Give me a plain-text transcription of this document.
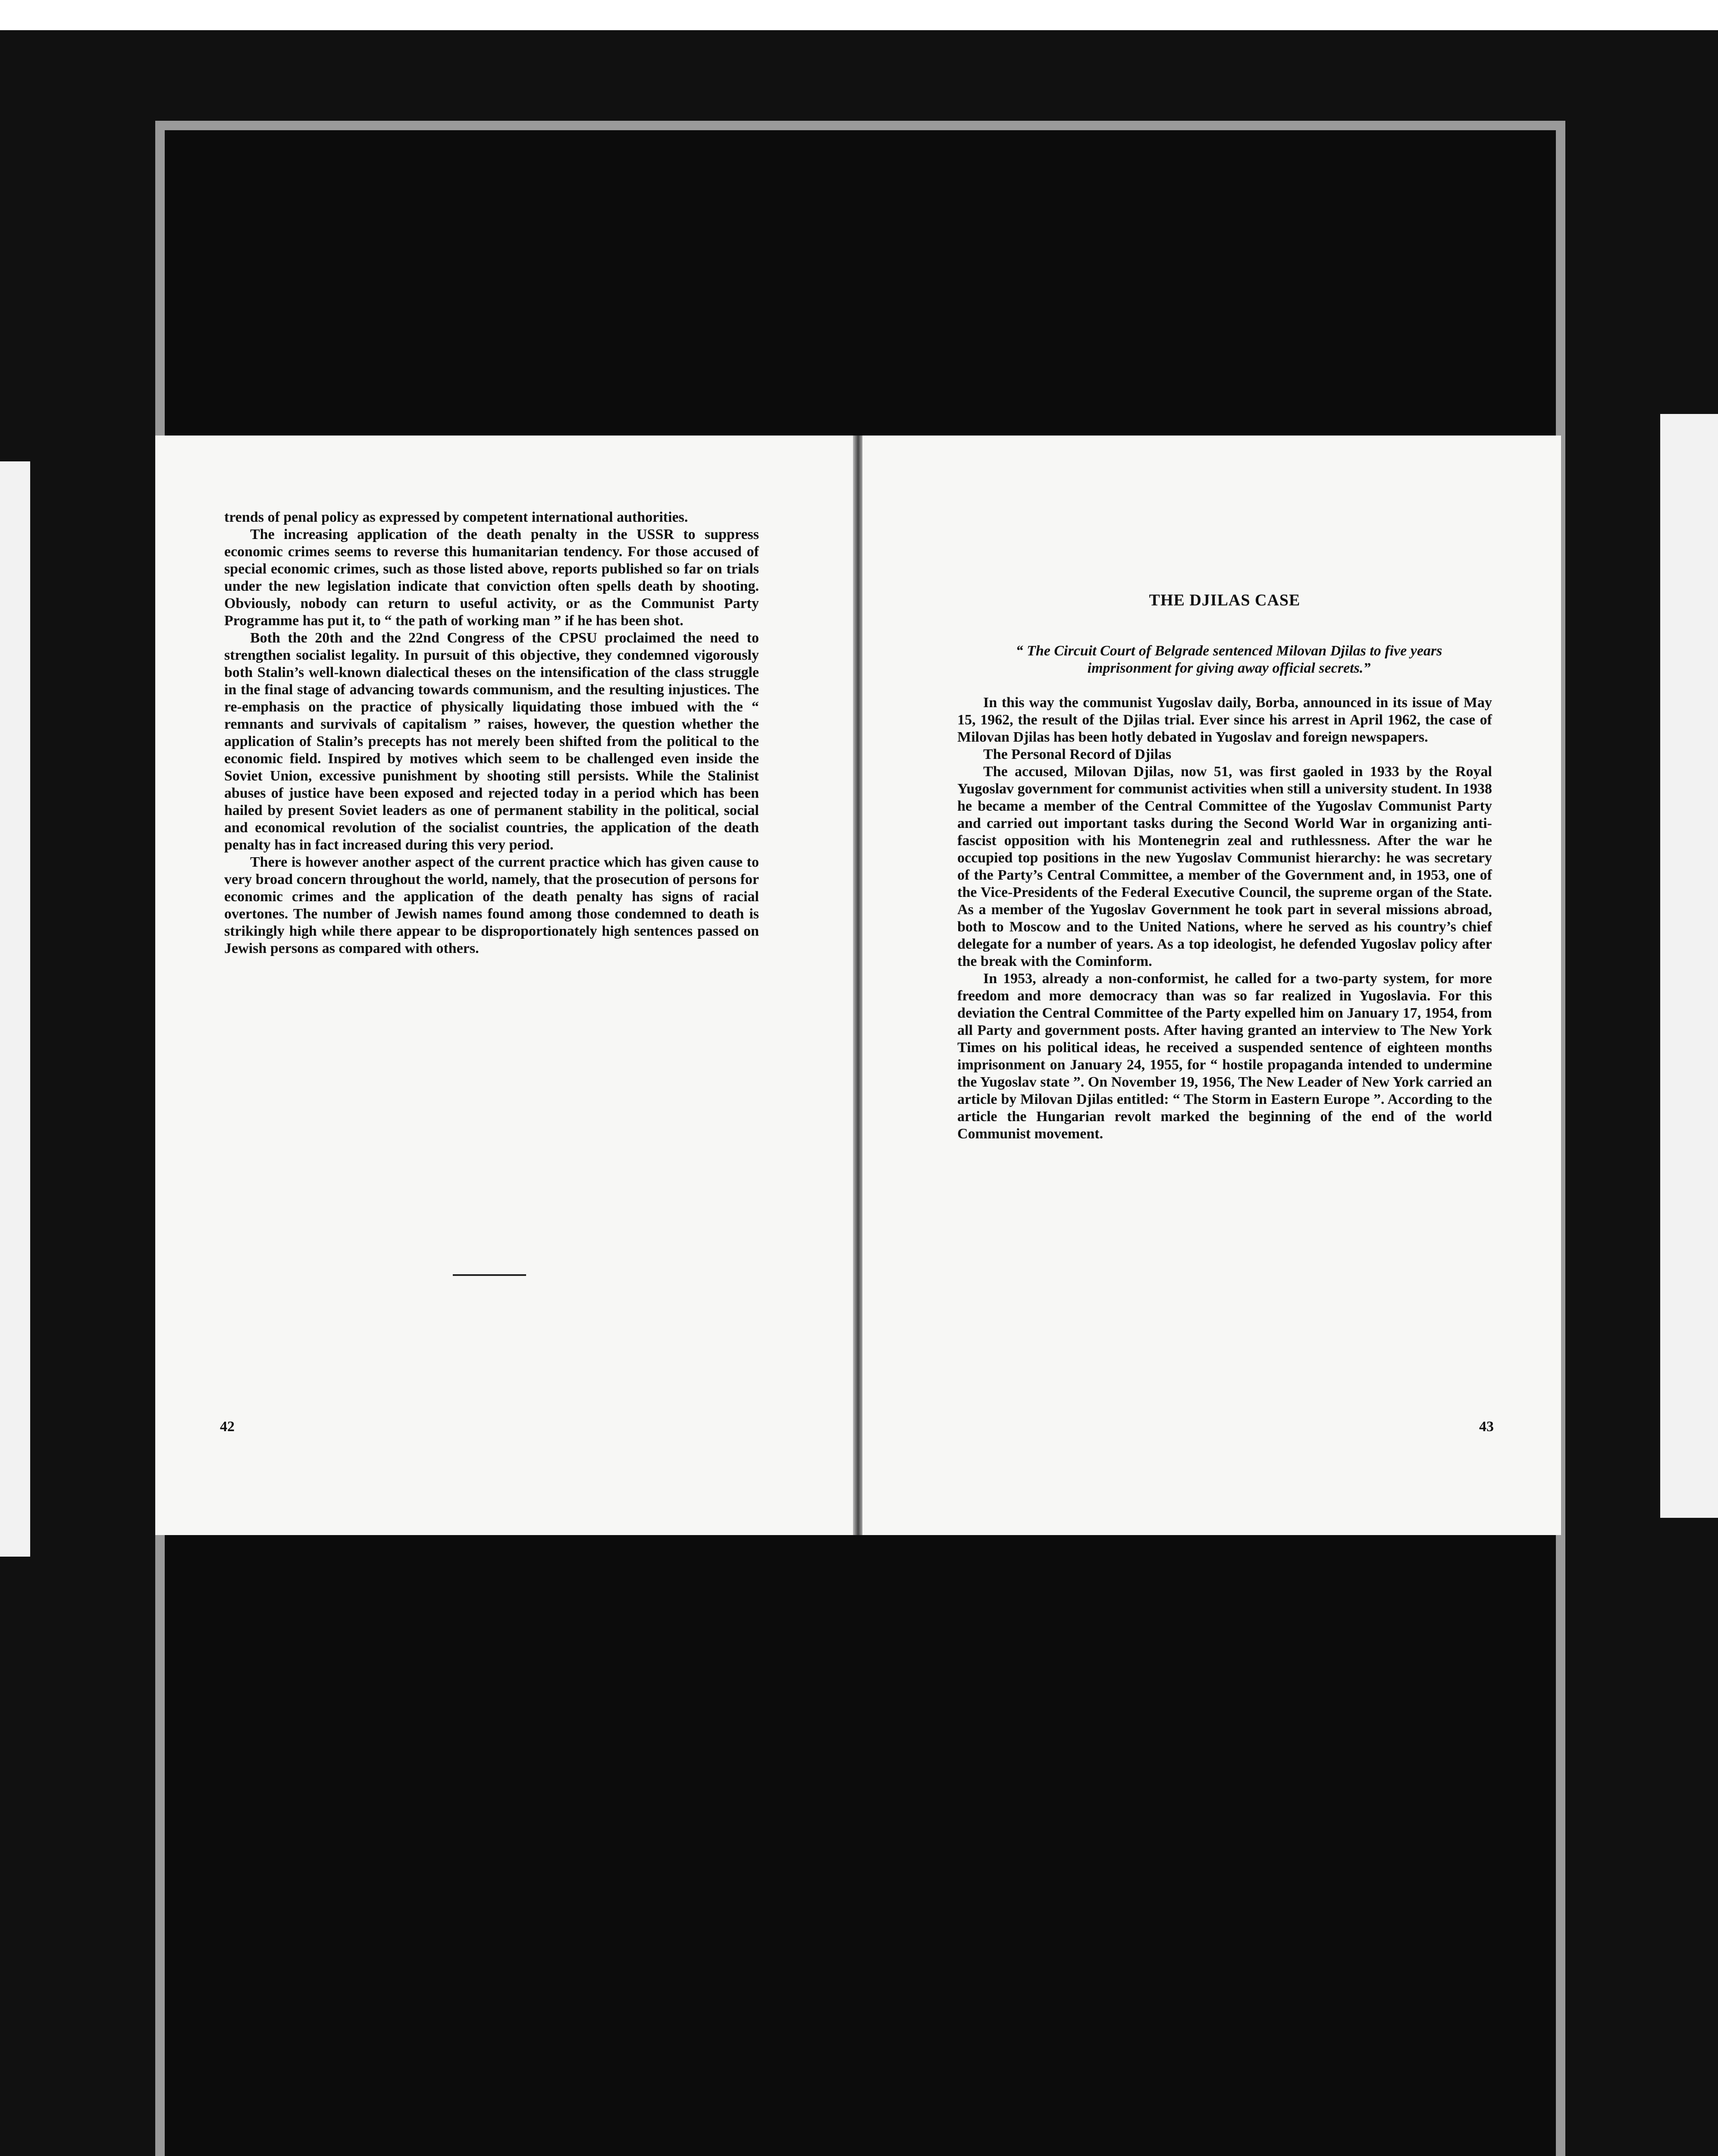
trends of penal policy as expressed by competent international authorities.

The increasing application of the death penalty in the USSR to suppress economic crimes seems to reverse this humanitarian tendency. For those accused of special economic crimes, such as those listed above, reports published so far on trials under the new legislation indicate that conviction often spells death by shooting. Obviously, nobody can return to useful activity, or as the Communist Party Programme has put it, to “ the path of working man ” if he has been shot.

Both the 20th and the 22nd Congress of the CPSU proclaimed the need to strengthen socialist legality. In pursuit of this objective, they condemned vigorously both Stalin’s well-known dialectical theses on the intensification of the class struggle in the final stage of advancing towards communism, and the resulting injustices. The re-emphasis on the practice of physically liquidating those imbued with the “ remnants and survivals of capitalism ” raises, however, the question whether the application of Stalin’s precepts has not merely been shifted from the political to the economic field. Inspired by motives which seem to be challenged even inside the Soviet Union, excessive punishment by shooting still persists. While the Stalinist abuses of justice have been exposed and rejected today in a period which has been hailed by present Soviet leaders as one of permanent stability in the political, social and economical revolution of the socialist countries, the application of the death penalty has in fact increased during this very period.

There is however another aspect of the current practice which has given cause to very broad concern throughout the world, namely, that the prosecution of persons for economic crimes and the application of the death penalty has signs of racial overtones. The number of Jewish names found among those condemned to death is strikingly high while there appear to be disproportionately high sentences passed on Jewish persons as compared with others.

42
THE DJILAS CASE
“ The Circuit Court of Belgrade sentenced Milovan Djilas to five years imprisonment for giving away official secrets.”

In this way the communist Yugoslav daily, Borba, announced in its issue of May 15, 1962, the result of the Djilas trial. Ever since his arrest in April 1962, the case of Milovan Djilas has been hotly debated in Yugoslav and foreign newspapers.

The Personal Record of Djilas

The accused, Milovan Djilas, now 51, was first gaoled in 1933 by the Royal Yugoslav government for communist activities when still a university student. In 1938 he became a member of the Central Committee of the Yugoslav Communist Party and carried out important tasks during the Second World War in organizing anti-fascist opposition with his Montenegrin zeal and ruthlessness. After the war he occupied top positions in the new Yugoslav Communist hierarchy: he was secretary of the Party’s Central Committee, a member of the Government and, in 1953, one of the Vice-Presidents of the Federal Executive Council, the supreme organ of the State. As a member of the Yugoslav Government he took part in several missions abroad, both to Moscow and to the United Nations, where he served as his country’s chief delegate for a number of years. As a top ideologist, he defended Yugoslav policy after the break with the Cominform.

In 1953, already a non-conformist, he called for a two-party system, for more freedom and more democracy than was so far realized in Yugoslavia. For this deviation the Central Committee of the Party expelled him on January 17, 1954, from all Party and government posts. After having granted an interview to The New York Times on his political ideas, he received a suspended sentence of eighteen months imprisonment on January 24, 1955, for “ hostile propaganda intended to undermine the Yugoslav state ”. On November 19, 1956, The New Leader of New York carried an article by Milovan Djilas entitled: “ The Storm in Eastern Europe ”. According to the article the Hungarian revolt marked the beginning of the end of the world Communist movement.

43
